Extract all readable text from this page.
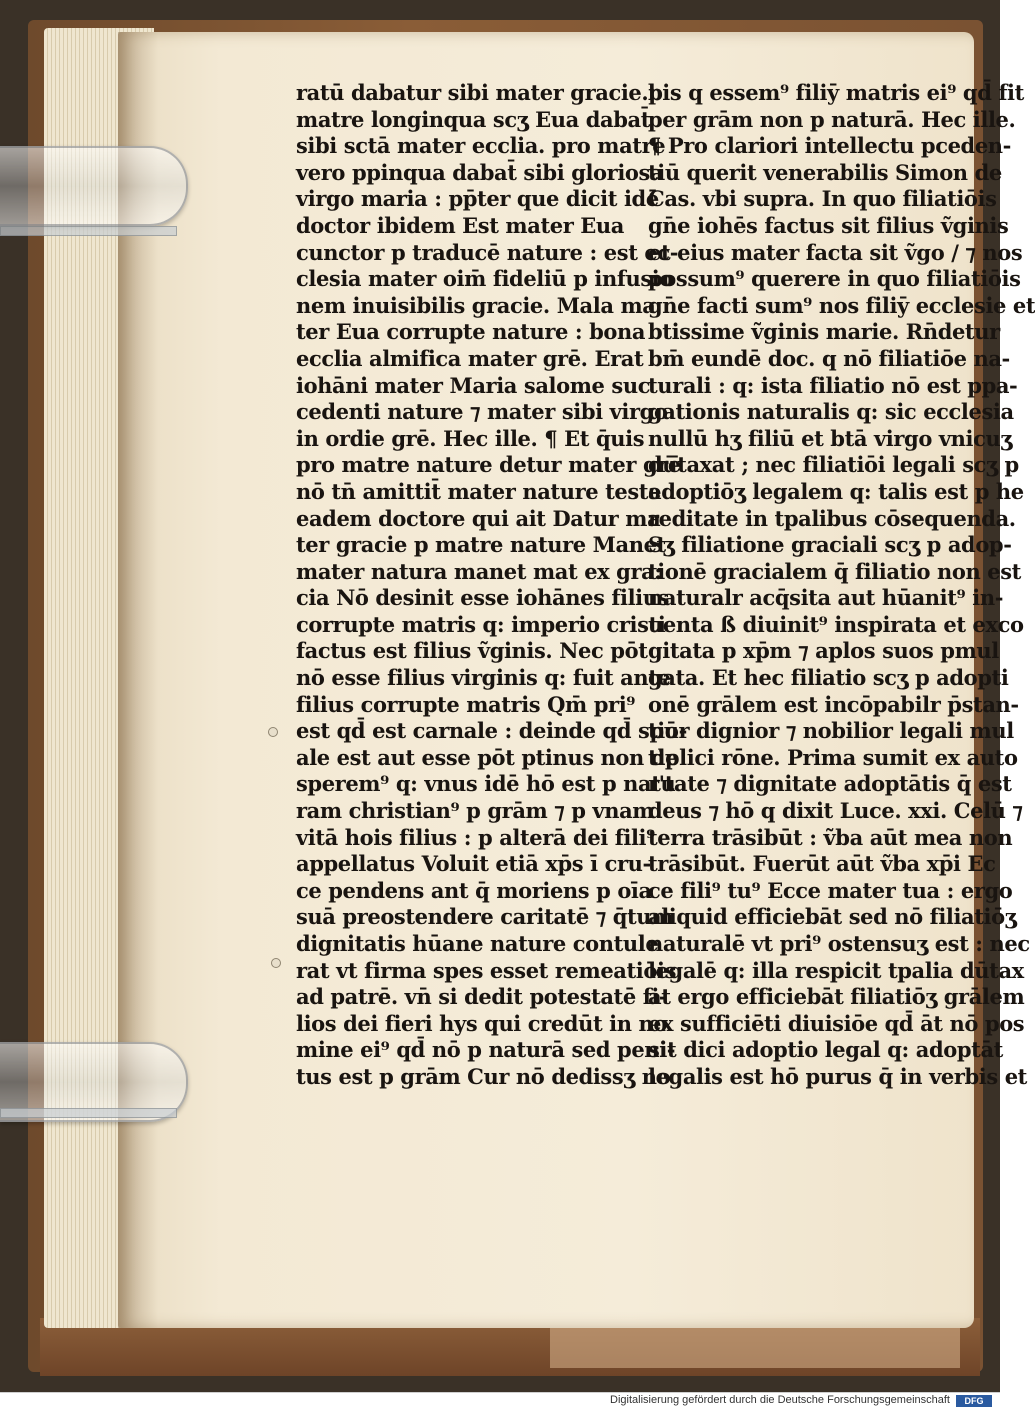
ratū dabatur sibi mater gracie.p
matre longinqua scʒ Eua dabat̄
sibi sctā mater ecclia. pro matre
vero ppinqua dabat̄ sibi gloriosa
virgo maria : pp̄ter que dicit idē
doctor ibidem Est mater Eua
cunctor p traducē nature : est ec-
clesia mater oim̄ fideliū p infusio
nem inuisibilis gracie. Mala ma
ter Eua corrupte nature : bona
ecclia almifica mater grē. Erat
iohāni mater Maria salome suc
cedenti nature ⁊ mater sibi virgo
in ordie grē. Hec ille. ¶ Et q̄uis
pro matre nature detur mater grē
nō tn̄ amittit̄ mater nature teste
eadem doctore qui ait Datur ma
ter gracie p matre nature Manet
mater natura manet mat ex gra:
cia Nō desinit esse iohānes filius
corrupte matris q: imperio cristi
factus est filius ṽginis. Nec pōt
nō esse filius virginis q: fuit ante
filius corrupte matris Qm̄ pri⁹
est qd̄ est carnale : deinde qd̄ spū-
ale est aut esse pōt ptinus non de
sperem⁹ q: vnus idē hō est p natu
ram christian⁹ p grām ⁊ p vnam
vitā hois filius : p alterā dei fili⁹
appellatus Voluit etiā xp̄s ī cru-
ce pendens ant q̄ moriens p oīa
suā preostendere caritatē ⁊ q̄tum
dignitatis hūane nature contule
rat vt firma spes esset remeatiōis
ad patrē. vn̄ si dedit potestatē fi-
lios dei fieri hys qui credūt in no
mine ei⁹ qd̄ nō p naturā sed peni-
tus est p grām Cur nō dedissʒ no
bis q essem⁹ filiȳ matris ei⁹ qd̄ fit
per grām non p naturā. Hec ille.
¶ Pro clariori intellectu pceden-
tiū querit venerabilis Simon de
Cas. vbi supra. In quo filiatiōis
gn̄e iohēs factus sit filius ṽginis
et eius mater facta sit ṽgo / ⁊ nos
possum⁹ querere in quo filiatiōis
gn̄e facti sum⁹ nos filiȳ ecclesie et
btissime ṽginis marie. Rn̄detur
bm̄ eundē doc. q nō filiatiōe na-
turali : q: ista filiatio nō est ppa-
gationis naturalis q: sic ecclesia
nullū hʒ filiū et btā virgo vnicuʒ
dūtaxat ; nec filiatiōi legali scʒ p
adoptiōʒ legalem q: talis est p he
reditate in tpalibus cōsequenda.
Sʒ filiatione graciali scʒ p adop-
tionē gracialem q̄ filiatio non est
naturalr acq̄sita aut hūanit⁹ in-
uenta ß diuinit⁹ inspirata et exco
gitata p xp̄m ⁊ aplos suos pmul
gata. Et hec filiatio scʒ p adopti
onē grālem est incōpabilr p̄stan-
tior dignior ⁊ nobilior legali mul
tiplici rōne. Prima sumit ex auto
r'tate ⁊ dignitate adoptātis q̄ est
deus ⁊ hō q dixit Luce. xxi. Celū ⁊
terra trāsibūt : ṽba aūt mea non
trāsibūt. Fuerūt aūt ṽba xp̄i Ec
ce fili⁹ tu⁹ Ecce mater tua : ergo
aliquid efficiebāt sed nō filiatiōʒ
naturalē vt pri⁹ ostensuʒ est : nec
legalē q: illa respicit tpalia dūtax
at ergo efficiebāt filiatiōʒ grālem
ex sufficiēti diuisiōe qd̄ āt nō pos
sit dici adoptio legal q: adoptāt
legalis est hō purus q̄ in verbis et
Digitalisierung gefördert durch die Deutsche Forschungsgemeinschaft	DFG
